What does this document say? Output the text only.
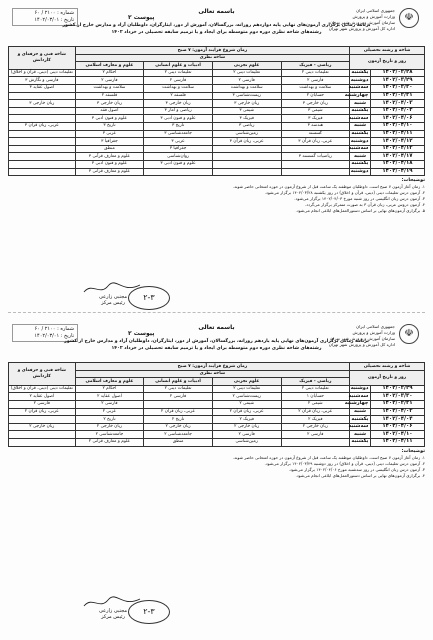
☫
جمهوری اسلامی ایران
وزارت آموزش و پرورش
سازمان آموزش و پرورش شهر تهران
اداره کل آموزش و پرورش شهر تهران
باسمه تعالی
پیوست ۲
شماره : ۲۱۰۰ / ۶۰
تاریخ : ۱۴۰۲/۰۳/۰۱
برنامه زمانی برگزاری آزمون‌های نهایی پایه دوازدهم روزانه، بزرگسالان، آموزش از دور، ایثارگران، داوطلبان آزاد و مدارس خارج از کشور
رشته‌های شاخه نظری دوره دوم متوسطه برای ایجاد و یا ترمیم سابقه تحصیلی در خرداد ۱۴۰۲
شاخه و رشته تحصیلی		زمان شروع فرایند آزمون: ۷ صبح				شاخه فنی و حرفه‌ای و کاردانش
روز و تاریخ آزمون		شاخه نظری				
		ریاضی - فیزیک	علوم تجربی	ادبیات و علوم انسانی	علوم و معارف اسلامی	
۱۴۰۲/۰۳/۲۸	یکشنبه	تعلیمات دینی ۲	تعلیمات دینی ۲	تعلیمات دینی ۲	احکام ۲	تعلیمات دینی (دینی، قرآن و اخلاق)
۱۴۰۲/۰۳/۲۹	دوشنبه	فارسی ۲	فارسی ۲	فارسی ۲	فارسی ۲	فارسی و نگارش ۳
۱۴۰۲/۰۳/۳۰	سه‌شنبه	سلامت و بهداشت	سلامت و بهداشت	سلامت و بهداشت	سلامت و بهداشت	اصول عقاید ۳
۱۴۰۲/۰۳/۳۱	چهارشنبه	حسابان ۲	زیست‌شناسی ۳	فلسفه ۲	فلسفه ۲	
۱۴۰۲/۰۴/۰۳	شنبه	زبان خارجی ۳	زبان خارجی ۳	زبان خارجی ۳	زبان خارجی ۳	زبان خارجی ۳
۱۴۰۲/۰۴/۰۴	یکشنبه	شیمی ۳	شیمی ۳	ریاضی و آمار ۳	اصول فقه	
۱۴۰۲/۰۴/۰۶	سه‌شنبه	فیزیک ۳	فیزیک ۳	علوم و فنون ادبی ۳	علوم و فنون ادبی ۳	
۱۴۰۲/۰۴/۱۰	شنبه	هندسه ۳	ریاضی ۳	تاریخ ۳	تاریخ ۳	عربی، زبان قرآن ۳
۱۴۰۲/۰۴/۱۱	یکشنبه	گسسته	زمین‌شناسی	جامعه‌شناسی ۳	عربی ۳	
۱۴۰۲/۰۴/۱۲	دوشنبه	عربی، زبان قرآن ۳	عربی، زبان قرآن ۳	عربی ۳	جغرافیا ۳	
۱۴۰۲/۰۴/۱۳	سه‌شنبه			جغرافیا ۳	منطق	
۱۴۰۲/۰۴/۱۷	شنبه	ریاضیات گسسته ۳		روان‌شناسی	علوم و معارف قرآنی ۳	
۱۴۰۲/۰۴/۱۸	یکشنبه			علوم و فنون ادبی ۳	علوم و فنون ادبی ۳	
۱۴۰۲/۰۴/۱۹	دوشنبه				علوم و معارف قرآنی ۳	

توضیحات:

۱. زمان آغاز آزمون ۷ صبح است. داوطلبان موظفند یک ساعت قبل از شروع آزمون در حوزه امتحانی حاضر شوند.

۲. آزمون درس تعلیمات دینی (دینی، قرآن و اخلاق) در روز یکشنبه ۱۴۰۲/۰۳/۲۸ برگزار می‌شود.

۳. آزمون درس زبان انگلیسی در روز شنبه مورخ ۱۴۰۲/۰۴/۰۳ برگزار می‌شود.

۴. آزمون دروس عربی، زبان قرآن ۳ به صورت متمرکز برگزار می‌گردد.

۵. برگزاری آزمون‌های نهایی بر اساس دستورالعمل‌های ابلاغی انجام می‌شود.

مجتبی زارعی
رئیس مرکز
۲-۳
☫
جمهوری اسلامی ایران
وزارت آموزش و پرورش
سازمان آموزش و پرورش شهر تهران
اداره کل آموزش و پرورش شهر تهران
باسمه تعالی
پیوست ۲
شماره : ۲۱۰۰ / ۶۰
تاریخ : ۱۴۰۲/۰۳/۰۱
برنامه زمانی برگزاری آزمون‌های نهایی پایه یازدهم روزانه، بزرگسالان، آموزش از دور، ایثارگران، داوطلبان آزاد و مدارس خارج از کشور
رشته‌های شاخه نظری دوره دوم متوسطه برای ایجاد و یا ترمیم سابقه تحصیلی در خرداد ۱۴۰۲
شاخه و رشته تحصیلی		زمان شروع فرایند آزمون: ۷ صبح				شاخه فنی و حرفه‌ای و کاردانش
روز و تاریخ آزمون		شاخه نظری				
		ریاضی - فیزیک	علوم تجربی	ادبیات و علوم انسانی	علوم و معارف اسلامی	
۱۴۰۲/۰۳/۲۹	دوشنبه	تعلیمات دینی ۲	تعلیمات دینی ۲	تعلیمات دینی ۲	احکام ۲	تعلیمات دینی (دینی، قرآن و اخلاق)
۱۴۰۲/۰۳/۳۰	سه‌شنبه	حسابان ۱	زیست‌شناسی ۲	فارسی ۲	اصول عقاید ۲	اصول عقاید ۲
۱۴۰۲/۰۳/۳۱	چهارشنبه	شیمی ۲	شیمی ۲		فارسی ۲	فارسی ۲
۱۴۰۲/۰۴/۰۳	شنبه	عربی، زبان قرآن ۲	عربی، زبان قرآن ۲	عربی، زبان قرآن ۲	عربی ۲	عربی، زبان قرآن ۲
۱۴۰۲/۰۴/۰۴	یکشنبه	فیزیک ۲	فیزیک ۲	تاریخ ۲	تاریخ ۲	
۱۴۰۲/۰۴/۰۶	سه‌شنبه	زبان خارجی ۲	زبان خارجی ۲	زبان خارجی ۲	زبان خارجی ۲	زبان خارجی ۲
۱۴۰۲/۰۴/۱۰	شنبه	فارسی ۲	فارسی ۲	جامعه‌شناسی ۲	جامعه‌شناسی ۲	
۱۴۰۲/۰۴/۱۱	یکشنبه		زمین‌شناسی	منطق	علوم و معارف قرآنی ۲	

توضیحات:

۱. زمان آغاز آزمون ۷ صبح است. داوطلبان موظفند یک ساعت قبل از شروع آزمون در حوزه امتحانی حاضر شوند.

۲. آزمون درس تعلیمات دینی (دینی، قرآن و اخلاق) در روز دوشنبه ۱۴۰۲/۰۳/۲۹ برگزار می‌شود.

۳. آزمون درس زبان انگلیسی در روز سه‌شنبه مورخ ۱۴۰۲/۰۴/۰۶ برگزار می‌شود.

۴. برگزاری آزمون‌های نهایی بر اساس دستورالعمل‌های ابلاغی انجام می‌شود.

مجتبی زارعی
رئیس مرکز
۲-۳
